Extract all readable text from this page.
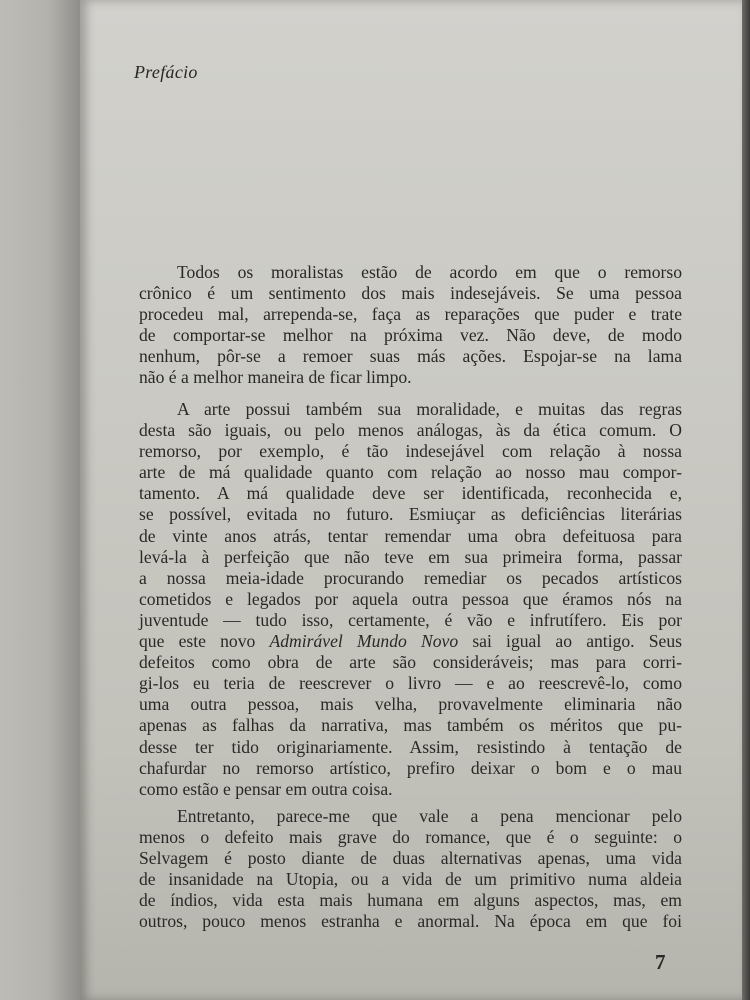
Prefácio
Todos os moralistas estão de acordo em que o remorso
crônico é um sentimento dos mais indesejáveis. Se uma pessoa
procedeu mal, arrependa-se, faça as reparações que puder e trate
de comportar-se melhor na próxima vez. Não deve, de modo
nenhum, pôr-se a remoer suas más ações. Espojar-se na lama
não é a melhor maneira de ficar limpo.
A arte possui também sua moralidade, e muitas das regras
desta são iguais, ou pelo menos análogas, às da ética comum. O
remorso, por exemplo, é tão indesejável com relação à nossa
arte de má qualidade quanto com relação ao nosso mau compor-
tamento. A má qualidade deve ser identificada, reconhecida e,
se possível, evitada no futuro. Esmiuçar as deficiências literárias
de vinte anos atrás, tentar remendar uma obra defeituosa para
levá-la à perfeição que não teve em sua primeira forma, passar
a nossa meia-idade procurando remediar os pecados artísticos
cometidos e legados por aquela outra pessoa que éramos nós na
juventude — tudo isso, certamente, é vão e infrutífero. Eis por
que este novo Admirável Mundo Novo sai igual ao antigo. Seus
defeitos como obra de arte são consideráveis; mas para corri-
gi-los eu teria de reescrever o livro — e ao reescrevê-lo, como
uma outra pessoa, mais velha, provavelmente eliminaria não
apenas as falhas da narrativa, mas também os méritos que pu-
desse ter tido originariamente. Assim, resistindo à tentação de
chafurdar no remorso artístico, prefiro deixar o bom e o mau
como estão e pensar em outra coisa.
Entretanto, parece-me que vale a pena mencionar pelo
menos o defeito mais grave do romance, que é o seguinte: o
Selvagem é posto diante de duas alternativas apenas, uma vida
de insanidade na Utopia, ou a vida de um primitivo numa aldeia
de índios, vida esta mais humana em alguns aspectos, mas, em
outros, pouco menos estranha e anormal. Na época em que foi
7
